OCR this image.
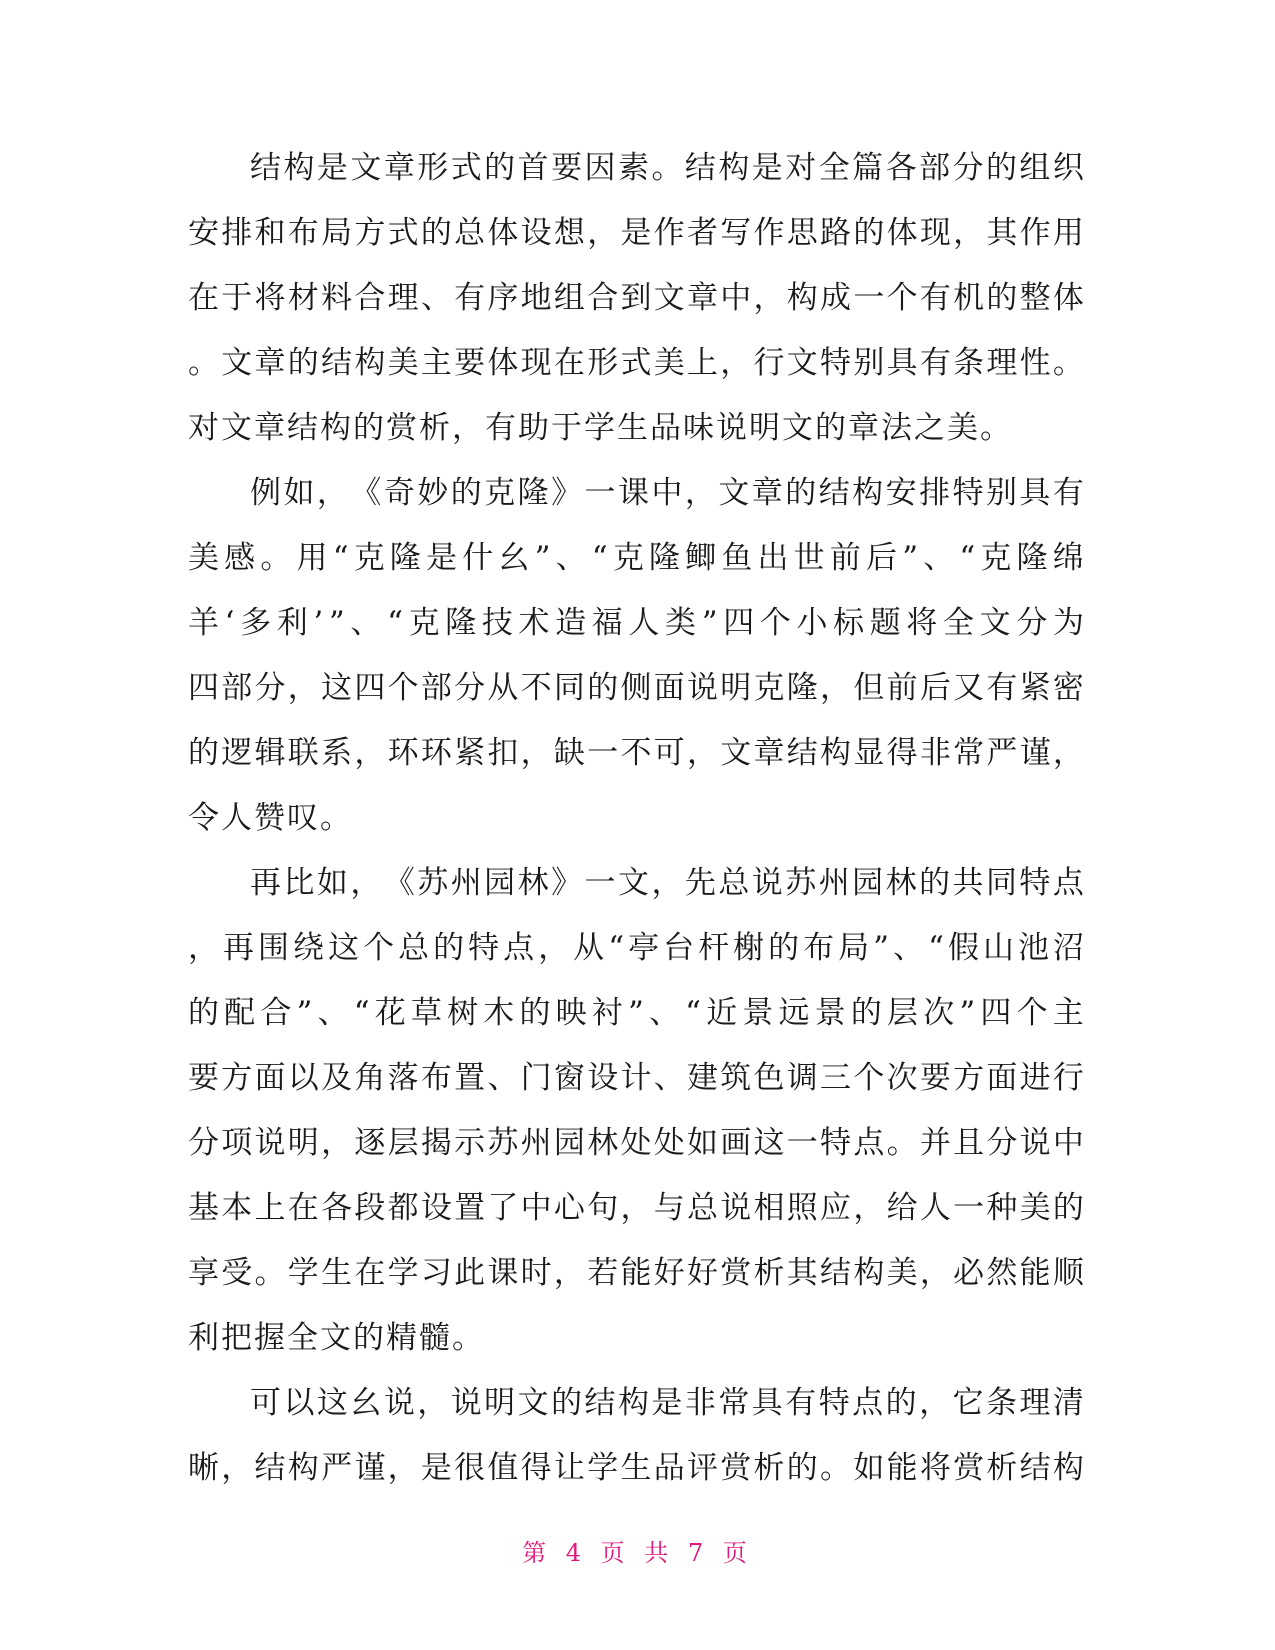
结 构 是 文 章 形 式 的 首 要 因 素 。 结 构 是 对 全 篇 各 部 分 的 组 织
安 排 和 布 局 方 式 的 总 体 设 想 ， 是 作 者 写 作 思 路 的 体 现 ， 其 作 用
在 于 将 材 料 合 理 、 有 序 地 组 合 到 文 章 中 ， 构 成 一 个 有 机 的 整 体
。 文 章 的 结 构 美 主 要 体 现 在 形 式 美 上 ， 行 文 特 别 具 有 条 理 性 。
对文章结构的赏析，有助于学生品味说明文的章法之美。
例 如 ， 《 奇 妙 的 克 隆 》 一 课 中 ， 文 章 的 结 构 安 排 特 别 具 有
美 感 。 用 “ 克 隆 是 什 幺 ” 、 “ 克 隆 鲫 鱼 出 世 前 后 ” 、 “ 克 隆 绵
羊 ‘ 多 利 ’ ” 、 “ 克 隆 技 术 造 福 人 类 ” 四 个 小 标 题 将 全 文 分 为
四 部 分 ， 这 四 个 部 分 从 不 同 的 侧 面 说 明 克 隆 ， 但 前 后 又 有 紧 密
的 逻 辑 联 系 ， 环 环 紧 扣 ， 缺 一 不 可 ， 文 章 结 构 显 得 非 常 严 谨 ，
令人赞叹。
再 比 如 ， 《 苏 州 园 林 》 一 文 ， 先 总 说 苏 州 园 林 的 共 同 特 点
， 再 围 绕 这 个 总 的 特 点 ， 从 “ 亭 台 杆 榭 的 布 局 ” 、 “ 假 山 池 沼
的 配 合 ” 、 “ 花 草 树 木 的 映 衬 ” 、 “ 近 景 远 景 的 层 次 ” 四 个 主
要 方 面 以 及 角 落 布 置 、 门 窗 设 计 、 建 筑 色 调 三 个 次 要 方 面 进 行
分 项 说 明 ， 逐 层 揭 示 苏 州 园 林 处 处 如 画 这 一 特 点 。 并 且 分 说 中
基 本 上 在 各 段 都 设 置 了 中 心 句 ， 与 总 说 相 照 应 ， 给 人 一 种 美 的
享 受 。 学 生 在 学 习 此 课 时 ， 若 能 好 好 赏 析 其 结 构 美 ， 必 然 能 顺
利把握全文的精髓。
可 以 这 幺 说 ， 说 明 文 的 结 构 是 非 常 具 有 特 点 的 ， 它 条 理 清
晰 ， 结 构 严 谨 ， 是 很 值 得 让 学 生 品 评 赏 析 的 。 如 能 将 赏 析 结 构
第 4 页 共 7 页
